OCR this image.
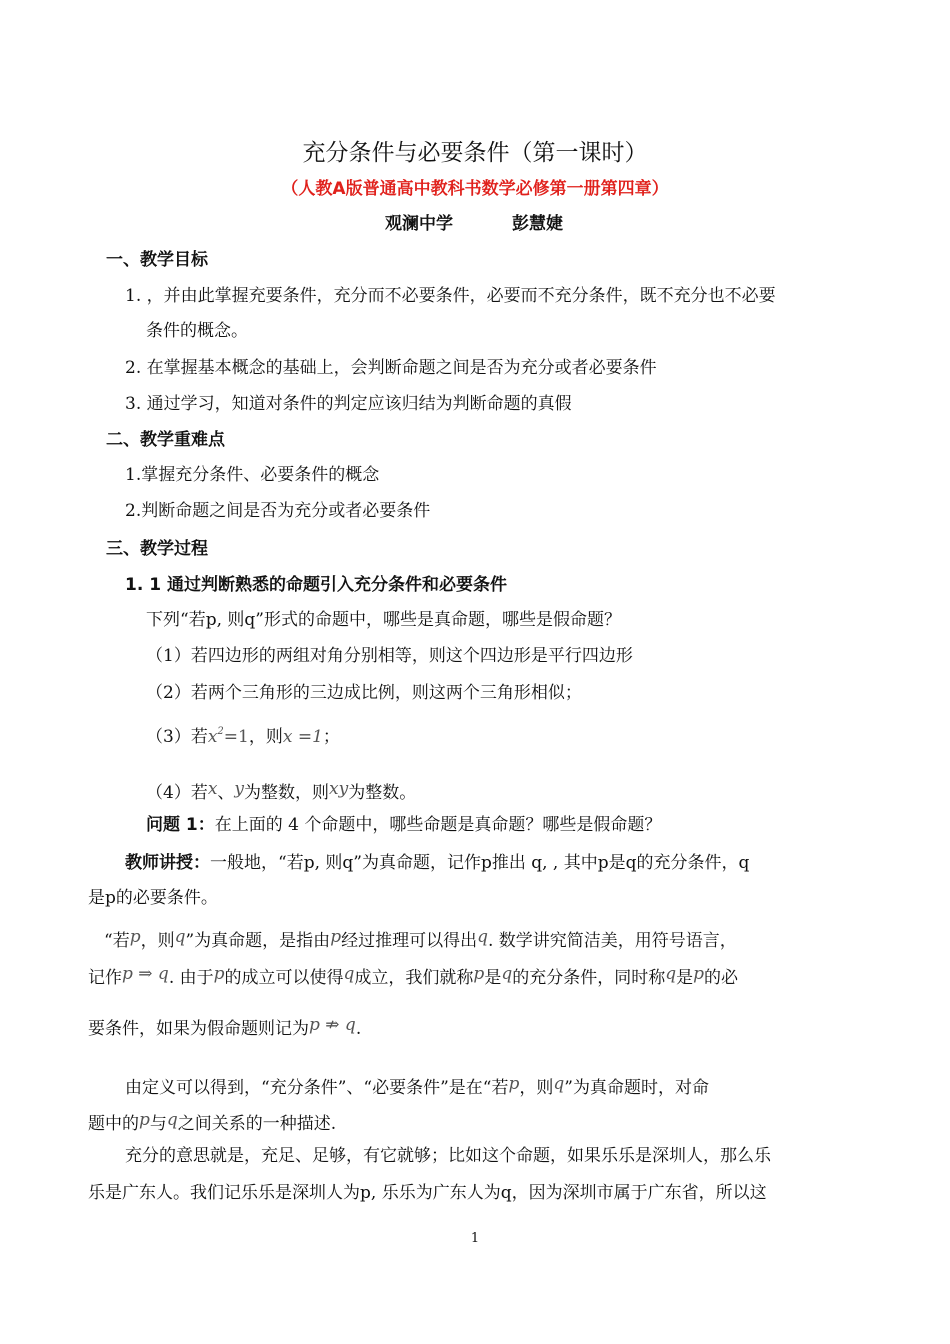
充分条件与必要条件（第一课时）
（人教A版普通高中教科书数学必修第一册第四章）
观澜中学	彭慧婕
一、教学目标
1. ，并由此掌握充要条件，充分而不必要条件，必要而不充分条件，既不充分也不必要
条件的概念。
2. 在掌握基本概念的基础上，会判断命题之间是否为充分或者必要条件
3. 通过学习，知道对条件的判定应该归结为判断命题的真假
二、教学重难点
1.掌握充分条件、必要条件的概念
2.判断命题之间是否为充分或者必要条件
三、教学过程
1. 1 通过判断熟悉的命题引入充分条件和必要条件
下列“若p, 则q”形式的命题中，哪些是真命题，哪些是假命题？
（1）若四边形的两组对角分别相等，则这个四边形是平行四边形
（2）若两个三角形的三边成比例，则这两个三角形相似；
（3）若$x^2=1$，则x =1；
（4）若x、y为整数，则xy为整数。
问题 1：在上面的 4 个命题中，哪些命题是真命题？哪些是假命题？
教师讲授：一般地，“若p, 则q”为真命题，记作p推出 q, , 其中p是q的充分条件，q
是p的必要条件。
“若p，则q”为真命题，是指由p经过推理可以得出q. 数学讲究简洁美，用符号语言，
记作p ⇒ q. 由于p的成立可以使得q成立，我们就称p是q的充分条件，同时称q是p的必
要条件，如果为假命题则记为p ⇏ q.
由定义可以得到，“充分条件”、“必要条件”是在“若p，则q”为真命题时，对命
题中的p与q之间关系的一种描述.
充分的意思就是，充足、足够，有它就够；比如这个命题，如果乐乐是深圳人，那么乐
乐是广东人。我们记乐乐是深圳人为p, 乐乐为广东人为q，因为深圳市属于广东省，所以这
1
